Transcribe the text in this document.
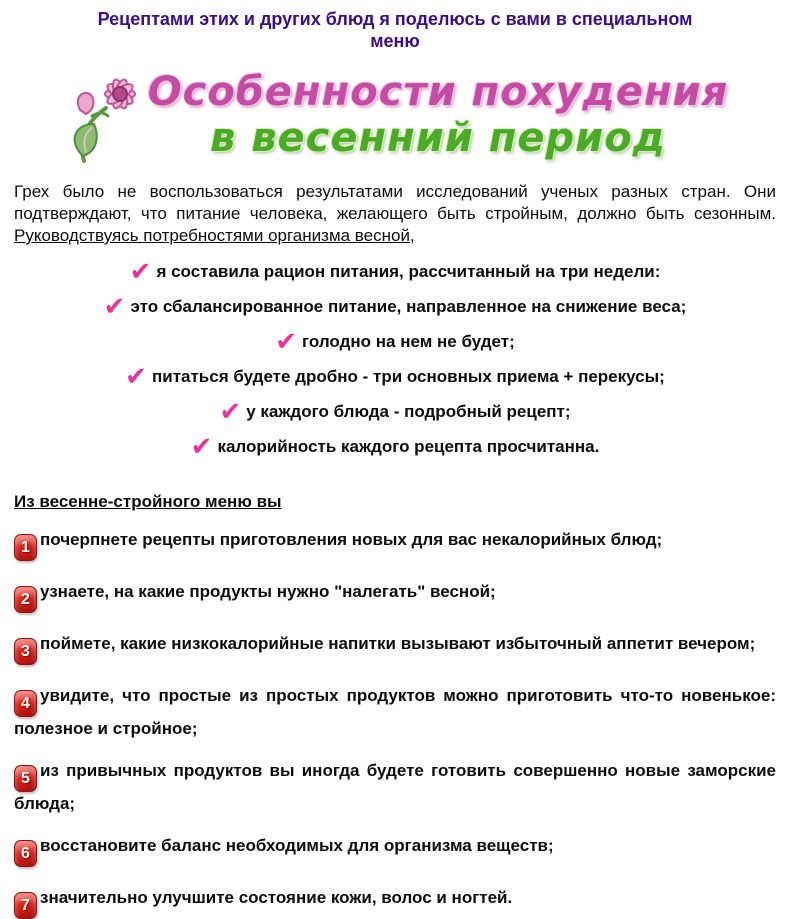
Рецептами этих и других блюд я поделюсь с вами в специальном меню
Особенности похудения
в весенний период
Грех было не воспользоваться результатами исследований ученых разных стран. Они подтверждают, что питание человека, желающего быть стройным, должно быть сезонным. Руководствуясь потребностями организма весной,
✔ я составила рацион питания, рассчитанный на три недели:
✔ это сбалансированное питание, направленное на снижение веса;
✔ голодно на нем не будет;
✔ питаться будете дробно - три основных приема + перекусы;
✔ у каждого блюда - подробный рецепт;
✔ калорийность каждого рецепта просчитанна.
Из весенне-стройного меню вы
1 почерпнете рецепты приготовления новых для вас некалорийных блюд;
2 узнаете, на какие продукты нужно "налегать" весной;
3 поймете, какие низкокалорийные напитки вызывают избыточный аппетит вечером;
4 увидите, что простые из простых продуктов можно приготовить что-то новенькое: полезное и стройное;
5 из привычных продуктов вы иногда будете готовить совершенно новые заморские блюда;
6 восстановите баланс необходимых для организма веществ;
7 значительно улучшите состояние кожи, волос и ногтей.
